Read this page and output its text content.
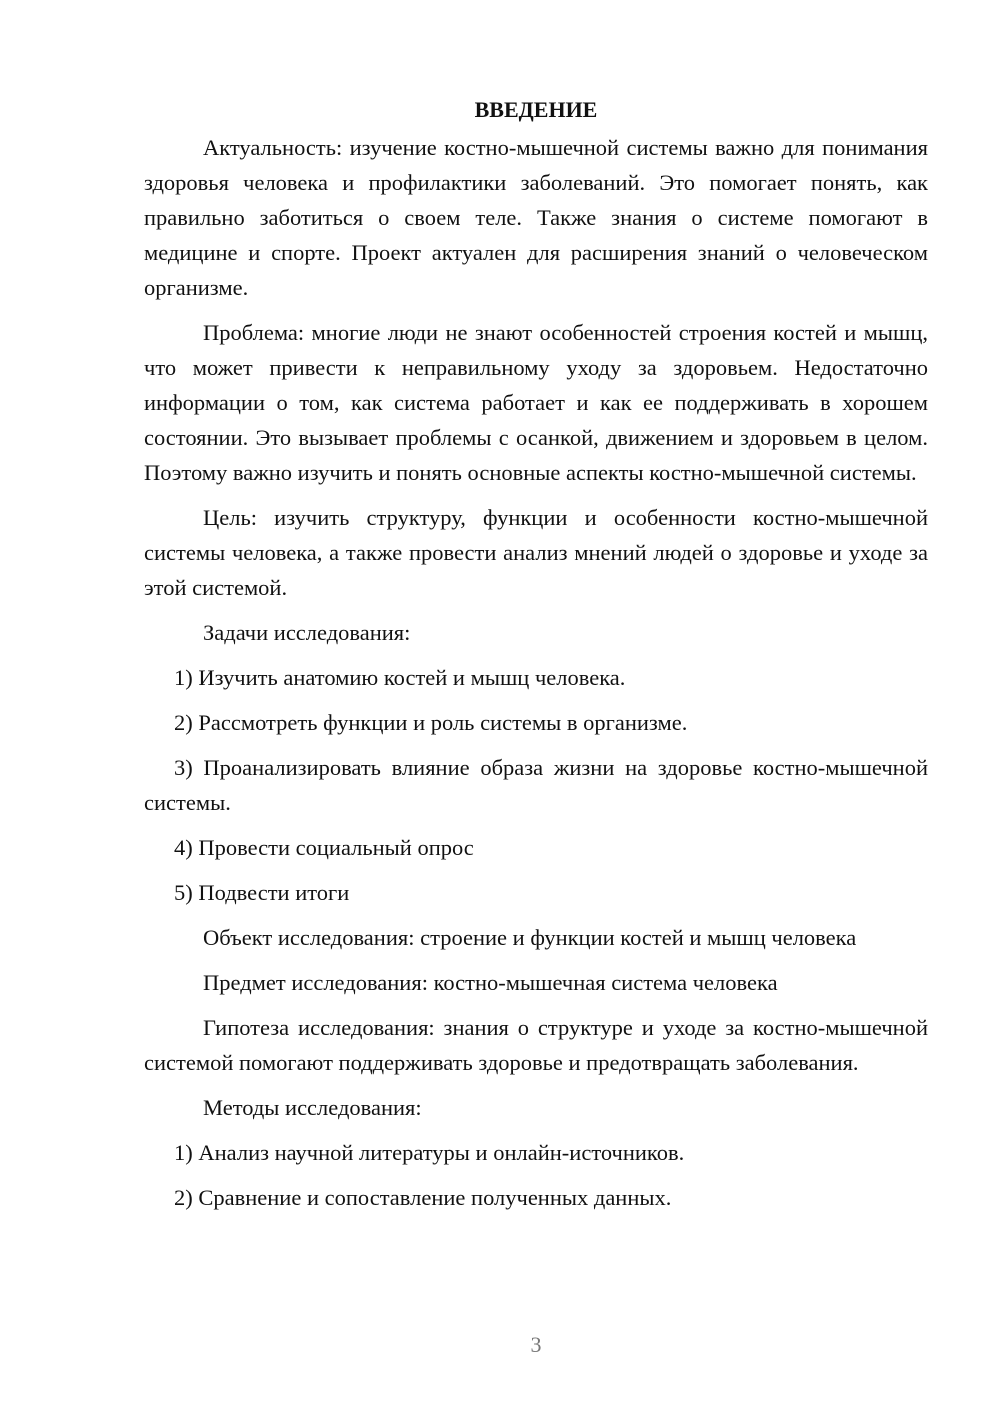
ВВЕДЕНИЕ

Актуальность: изучение костно-мышечной системы важно для понимания здоровья человека и профилактики заболеваний. Это помогает понять, как правильно заботиться о своем теле. Также знания о системе помогают в медицине и спорте. Проект актуален для расширения знаний о человеческом организме.

Проблема: многие люди не знают особенностей строения костей и мышц, что может привести к неправильному уходу за здоровьем. Недостаточно информации о том, как система работает и как ее поддерживать в хорошем состоянии. Это вызывает проблемы с осанкой, движением и здоровьем в целом. Поэтому важно изучить и понять основные аспекты костно-мышечной системы.

Цель: изучить структуру, функции и особенности костно-мышечной системы человека, а также провести анализ мнений людей о здоровье и уходе за этой системой.

Задачи исследования:

1) Изучить анатомию костей и мышц человека.

2) Рассмотреть функции и роль системы в организме.

3) Проанализировать влияние образа жизни на здоровье костно-мышечной системы.

4) Провести социальный опрос

5) Подвести итоги

Объект исследования: строение и функции костей и мышц человека

Предмет исследования: костно-мышечная система человека

Гипотеза исследования: знания о структуре и уходе за костно-мышечной системой помогают поддерживать здоровье и предотвращать заболевания.

Методы исследования:

1) Анализ научной литературы и онлайн-источников.

2) Сравнение и сопоставление полученных данных.

3
